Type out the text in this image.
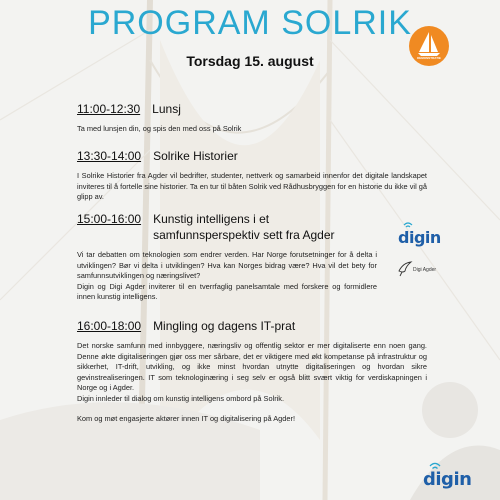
PROGRAM SOLRIK
Torsdag 15. august	VIP GOOD DEMONSTRATIE
11:00-12:30 Lunsj

Ta med lunsjen din, og spis den med oss på Solrik

13:30-14:00 Solrike Historier

I Solrike Historier fra Agder vil bedrifter, studenter, nettverk og samarbeid innenfor det digitale landskapet inviteres til å fortelle sine historier. Ta en tur til båten Solrik ved Rådhusbryggen for en historie du ikke vil gå glipp av.

15:00-16:00 Kunstig intelligens i et
samfunnsperspektiv sett fra Agder

Vi tar debatten om teknologien som endrer verden. Har Norge forutsetninger for å delta i utviklingen? Bør vi delta i utviklingen? Hva kan Norges bidrag være? Hva vil det bety for samfunnsutviklingen og næringslivet?

Digin og Digi Agder inviterer til en tverrfaglig panelsamtale med forskere og formidlere innen kunstig intelligens.

16:00-18:00 Mingling og dagens IT-prat

Det norske samfunn med innbyggere, næringsliv og offentlig sektor er mer digitaliserte enn noen gang. Denne økte digitaliseringen gjør oss mer sårbare, det er viktigere med økt kompetanse på infrastruktur og sikkerhet, IT-drift, utvikling, og ikke minst hvordan utnytte digitaliseringen og hvordan sikre gevinstrealiseringen. IT som teknologinæring i seg selv er også blitt svært viktig for verdiskapningen i Norge og i Agder.

Digin innleder til dialog om kunstig intelligens ombord på Solrik.

Kom og møt engasjerte aktører innen IT og digitalisering på Agder!

digin
Digi Agder
digin
